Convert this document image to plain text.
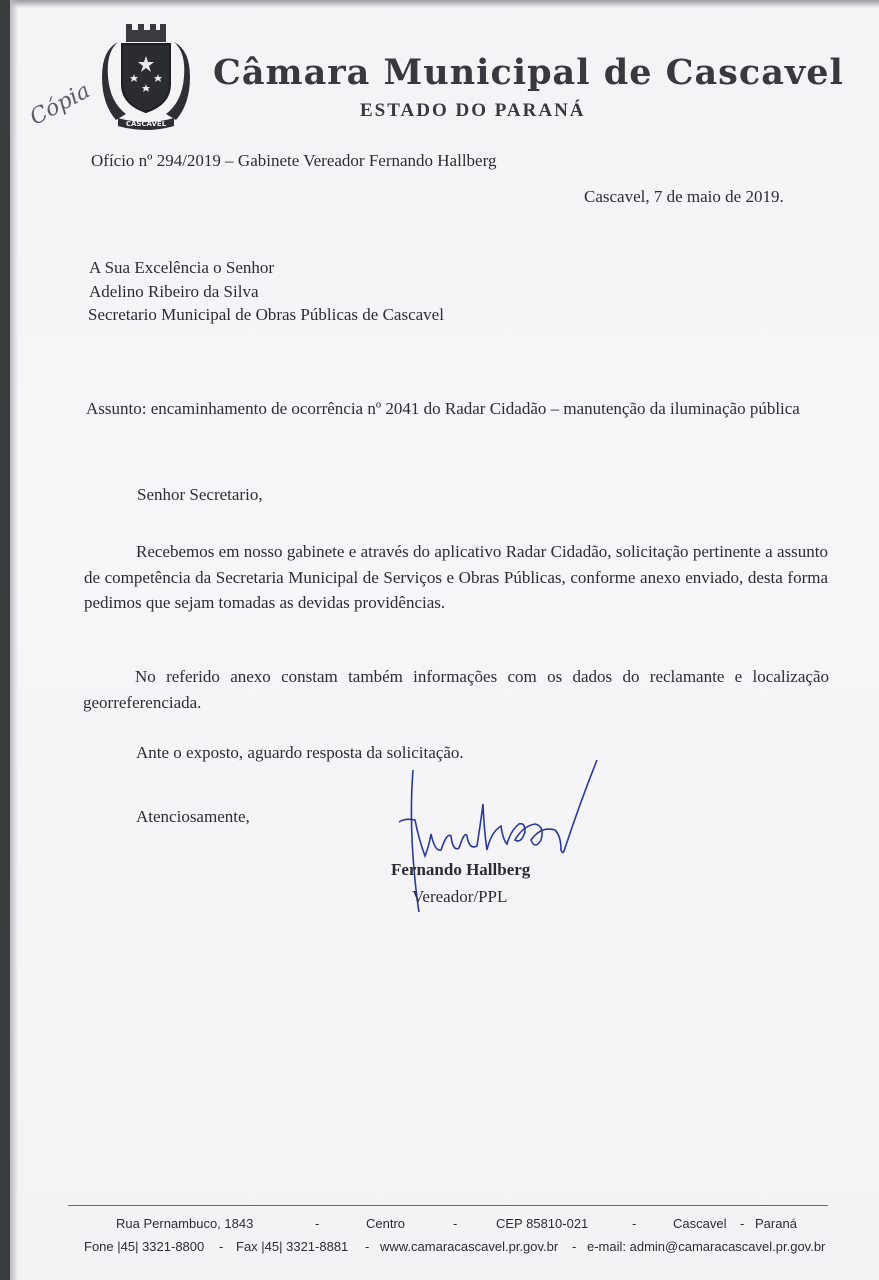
CASCAVEL
Cópia
Câmara Municipal de Cascavel
ESTADO DO PARANÁ
Ofício nº 294/2019 – Gabinete Vereador Fernando Hallberg
Cascavel, 7 de maio de 2019.
A Sua Excelência o Senhor
Adelino Ribeiro da Silva
Secretario Municipal de Obras Públicas de Cascavel
Assunto: encaminhamento de ocorrência nº 2041 do Radar Cidadão – manutenção da iluminação pública
Senhor Secretario,
Recebemos em nosso gabinete e através do aplicativo Radar Cidadão, solicitação pertinente a assunto de competência da Secretaria Municipal de Serviços e Obras Públicas, conforme anexo enviado, desta forma pedimos que sejam tomadas as devidas providências.
No referido anexo constam também informações com os dados do reclamante e localização georreferenciada.
Ante o exposto, aguardo resposta da solicitação.
Atenciosamente,
Fernando Hallberg
Vereador/PPL
Rua Pernambuco, 1843	-	Centro	-	CEP 85810-021	-	Cascavel - Paraná
Fone |45| 3321-8800 - Fax |45| 3321-8881 - www.camaracascavel.pr.gov.br - e-mail: admin@camaracascavel.pr.gov.br
